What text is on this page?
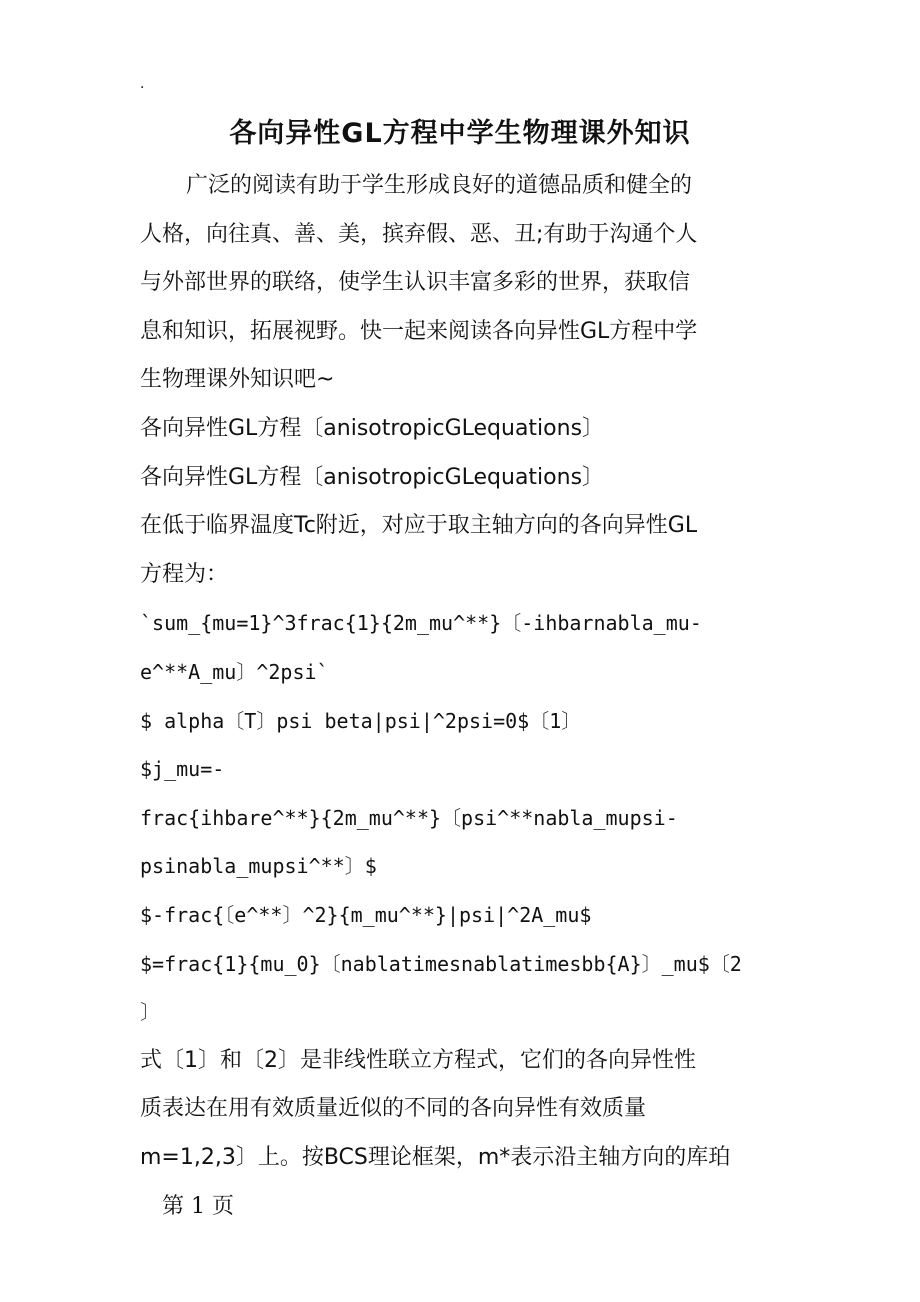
.
各向异性GL方程中学生物理课外知识
广泛的阅读有助于学生形成良好的道德品质和健全的
人格，向往真、善、美，摈弃假、恶、丑;有助于沟通个人
与外部世界的联络，使学生认识丰富多彩的世界，获取信
息和知识，拓展视野。快一起来阅读各向异性GL方程中学
生物理课外知识吧~
各向异性GL方程〔anisotropicGLequations〕
各向异性GL方程〔anisotropicGLequations〕
在低于临界温度Tc附近，对应于取主轴方向的各向异性GL
方程为：
`sum_{mu=1}^3frac{1}{2m_mu^**}〔-ihbarnabla_mu-
e^**A_mu〕^2psi`
$ alpha〔T〕psi beta|psi|^2psi=0$〔1〕
$j_mu=-
frac{ihbare^**}{2m_mu^**}〔psi^**nabla_mupsi-
psinabla_mupsi^**〕$
$-frac{〔e^**〕^2}{m_mu^**}|psi|^2A_mu$
$=frac{1}{mu_0}〔nablatimesnablatimesbb{A}〕_mu$〔2
〕
式〔1〕和〔2〕是非线性联立方程式，它们的各向异性性
质表达在用有效质量近似的不同的各向异性有效质量
m=1,2,3〕上。按BCS理论框架，m*表示沿主轴方向的库珀
第 1 页
